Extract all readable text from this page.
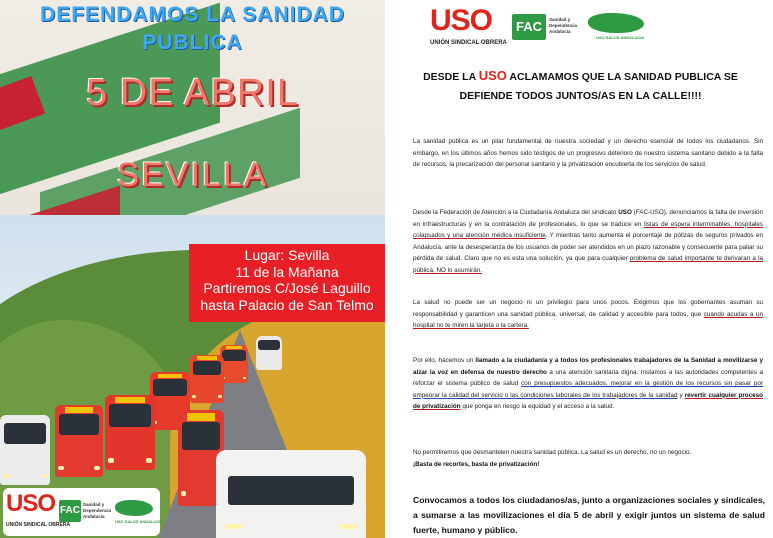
DEFENDAMOS LA SANIDAD
PUBLICA
5 DE ABRIL
SEVILLA
Lugar: Sevilla
11 de la Mañana
Partiremos C/José Laguillo
hasta Palacio de San Telmo
USO
UNIÓN SINDICAL OBRERA
FAC
Sanidad y
Dependencia
Andalucía
USO SALUD ANDALUCÍA
USO
UNIÓN SINDICAL OBRERA
FAC	Sanidad y
Dependencia
Andalucía
USO SALUD ANDALUCÍA
DESDE LA USO ACLAMAMOS QUE LA SANIDAD PUBLICA SE
DEFIENDE TODOS JUNTOS/AS EN LA CALLE!!!!

La sanidad pública es un pilar fundamental de nuestra sociedad y un derecho esencial de todos los ciudadanos. Sin embargo, en los últimos años hemos sido testigos de un progresivo deterioro de nuestro sistema sanitario debido a la falta de recursos, la precarización del personal sanitario y la privatización encubierta de los servicios de salud.

Desde la Federación de Atención a la Ciudadanía Andaluza del sindicato USO (FAC-USO), denunciamos la falta de inversión en infraestructuras y en la contratación de profesionales, lo que se traduce en listas de espera interminables, hospitales colapsados y una atención médica insuficiente. Y mientras tanto aumenta el porcentaje de pólizas de seguros privados en Andalucía, ante la desesperanza de los usuarios de poder ser atendidos en un plazo razonable y consecuente para paliar su pérdida de salud. Claro que no es esta una solución, ya que para cualquier problema de salud importante te derivaran a la pública, NO lo asumirán.

La salud no puede ser un negocio ni un privilegio para unos pocos. Exigimos que los gobernantes asuman su responsabilidad y garanticen una sanidad pública, universal, de calidad y accesible para todos, que cuando acudas a un hospital no te miren la tarjeta o la cartera.

Por ello, hacemos un llamado a la ciudadanía y a todos los profesionales trabajadores de la Sanidad a movilizarse y alzar la voz en defensa de nuestro derecho a una atención sanitaria digna. Instamos a las autoridades competentes a reforzar el sistema público de salud con presupuestos adecuados, mejorar en la gestión de los recursos sin pasar por empeorar la calidad del servicio o las condiciones laborales de los trabajadores de la sanidad y revertir cualquier proceso de privatización que ponga en riesgo la equidad y el acceso a la salud.

No permitiremos que desmantelen nuestra sanidad pública. La salud es un derecho, no un negocio.
¡Basta de recortes, basta de privatización!

Convocamos a todos los ciudadanos/as, junto a organizaciones sociales y sindicales, a sumarse a las movilizaciones el día 5 de abril y exigir juntos un sistema de salud fuerte, humano y público.
